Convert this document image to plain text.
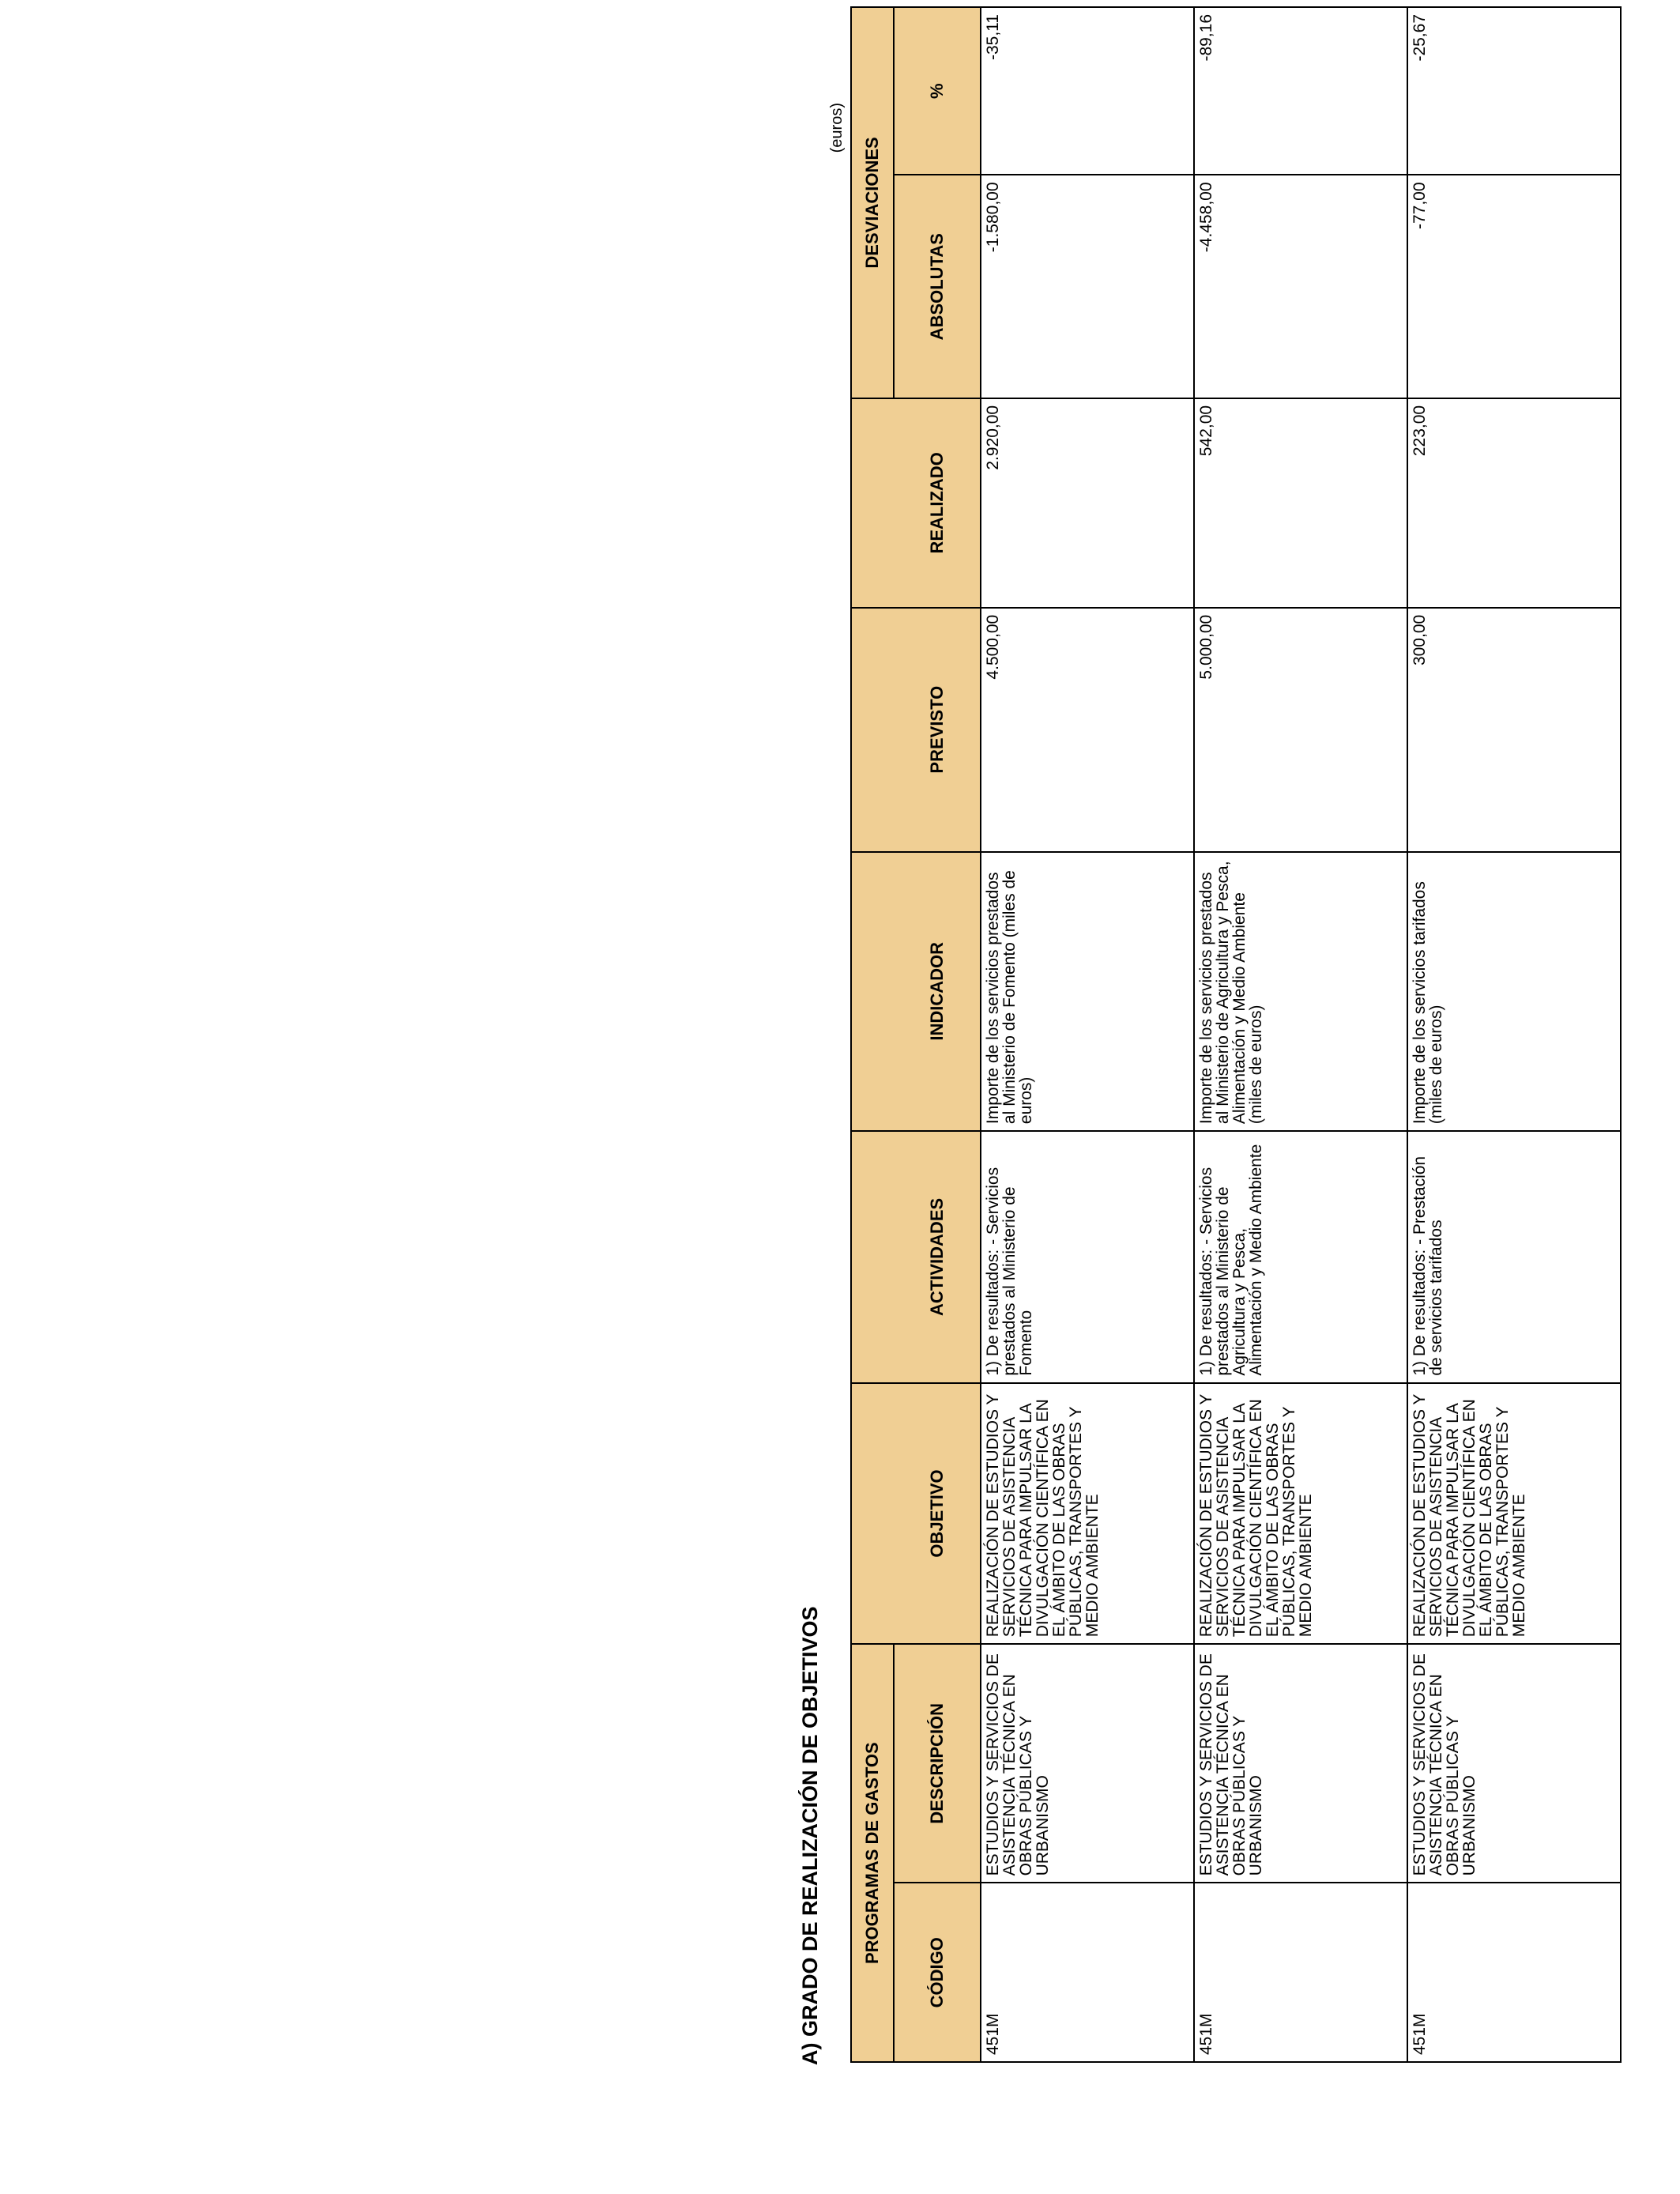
A) GRADO DE REALIZACIÓN DE OBJETIVOS
(euros)
PROGRAMAS DE GASTOS							DESVIACIONES	
CÓDIGO	DESCRIPCIÓN	OBJETIVO	ACTIVIDADES	INDICADOR	PREVISTO	REALIZADO	ABSOLUTAS	%
451M	ESTUDIOS Y SERVICIOS DE ASISTENCIA TÉCNICA EN OBRAS PÚBLICAS Y URBANISMO	REALIZACIÓN DE ESTUDIOS Y SERVICIOS DE ASISTENCIA TÉCNICA PARA IMPULSAR LA DIVULGACIÓN CIENTÍFICA EN EL ÁMBITO DE LAS OBRAS PÚBLICAS, TRANSPORTES Y MEDIO AMBIENTE	1) De resultados: - Servicios prestados al Ministerio de Fomento	Importe de los servicios prestados al Ministerio de Fomento (miles de euros)	4.500,00	2.920,00	-1.580,00	-35,11
451M	ESTUDIOS Y SERVICIOS DE ASISTENCIA TÉCNICA EN OBRAS PÚBLICAS Y URBANISMO	REALIZACIÓN DE ESTUDIOS Y SERVICIOS DE ASISTENCIA TÉCNICA PARA IMPULSAR LA DIVULGACIÓN CIENTÍFICA EN EL ÁMBITO DE LAS OBRAS PÚBLICAS, TRANSPORTES Y MEDIO AMBIENTE	1) De resultados: - Servicios prestados al Ministerio de Agricultura y Pesca, Alimentación y Medio Ambiente	Importe de los servicios prestados al Ministerio de Agricultura y Pesca, Alimentación y Medio Ambiente (miles de euros)	5.000,00	542,00	-4.458,00	-89,16
451M	ESTUDIOS Y SERVICIOS DE ASISTENCIA TÉCNICA EN OBRAS PÚBLICAS Y URBANISMO	REALIZACIÓN DE ESTUDIOS Y SERVICIOS DE ASISTENCIA TÉCNICA PARA IMPULSAR LA DIVULGACIÓN CIENTÍFICA EN EL ÁMBITO DE LAS OBRAS PÚBLICAS, TRANSPORTES Y MEDIO AMBIENTE	1) De resultados: - Prestación de servicios tarifados	Importe de los servicios tarifados (miles de euros)	300,00	223,00	-77,00	-25,67
